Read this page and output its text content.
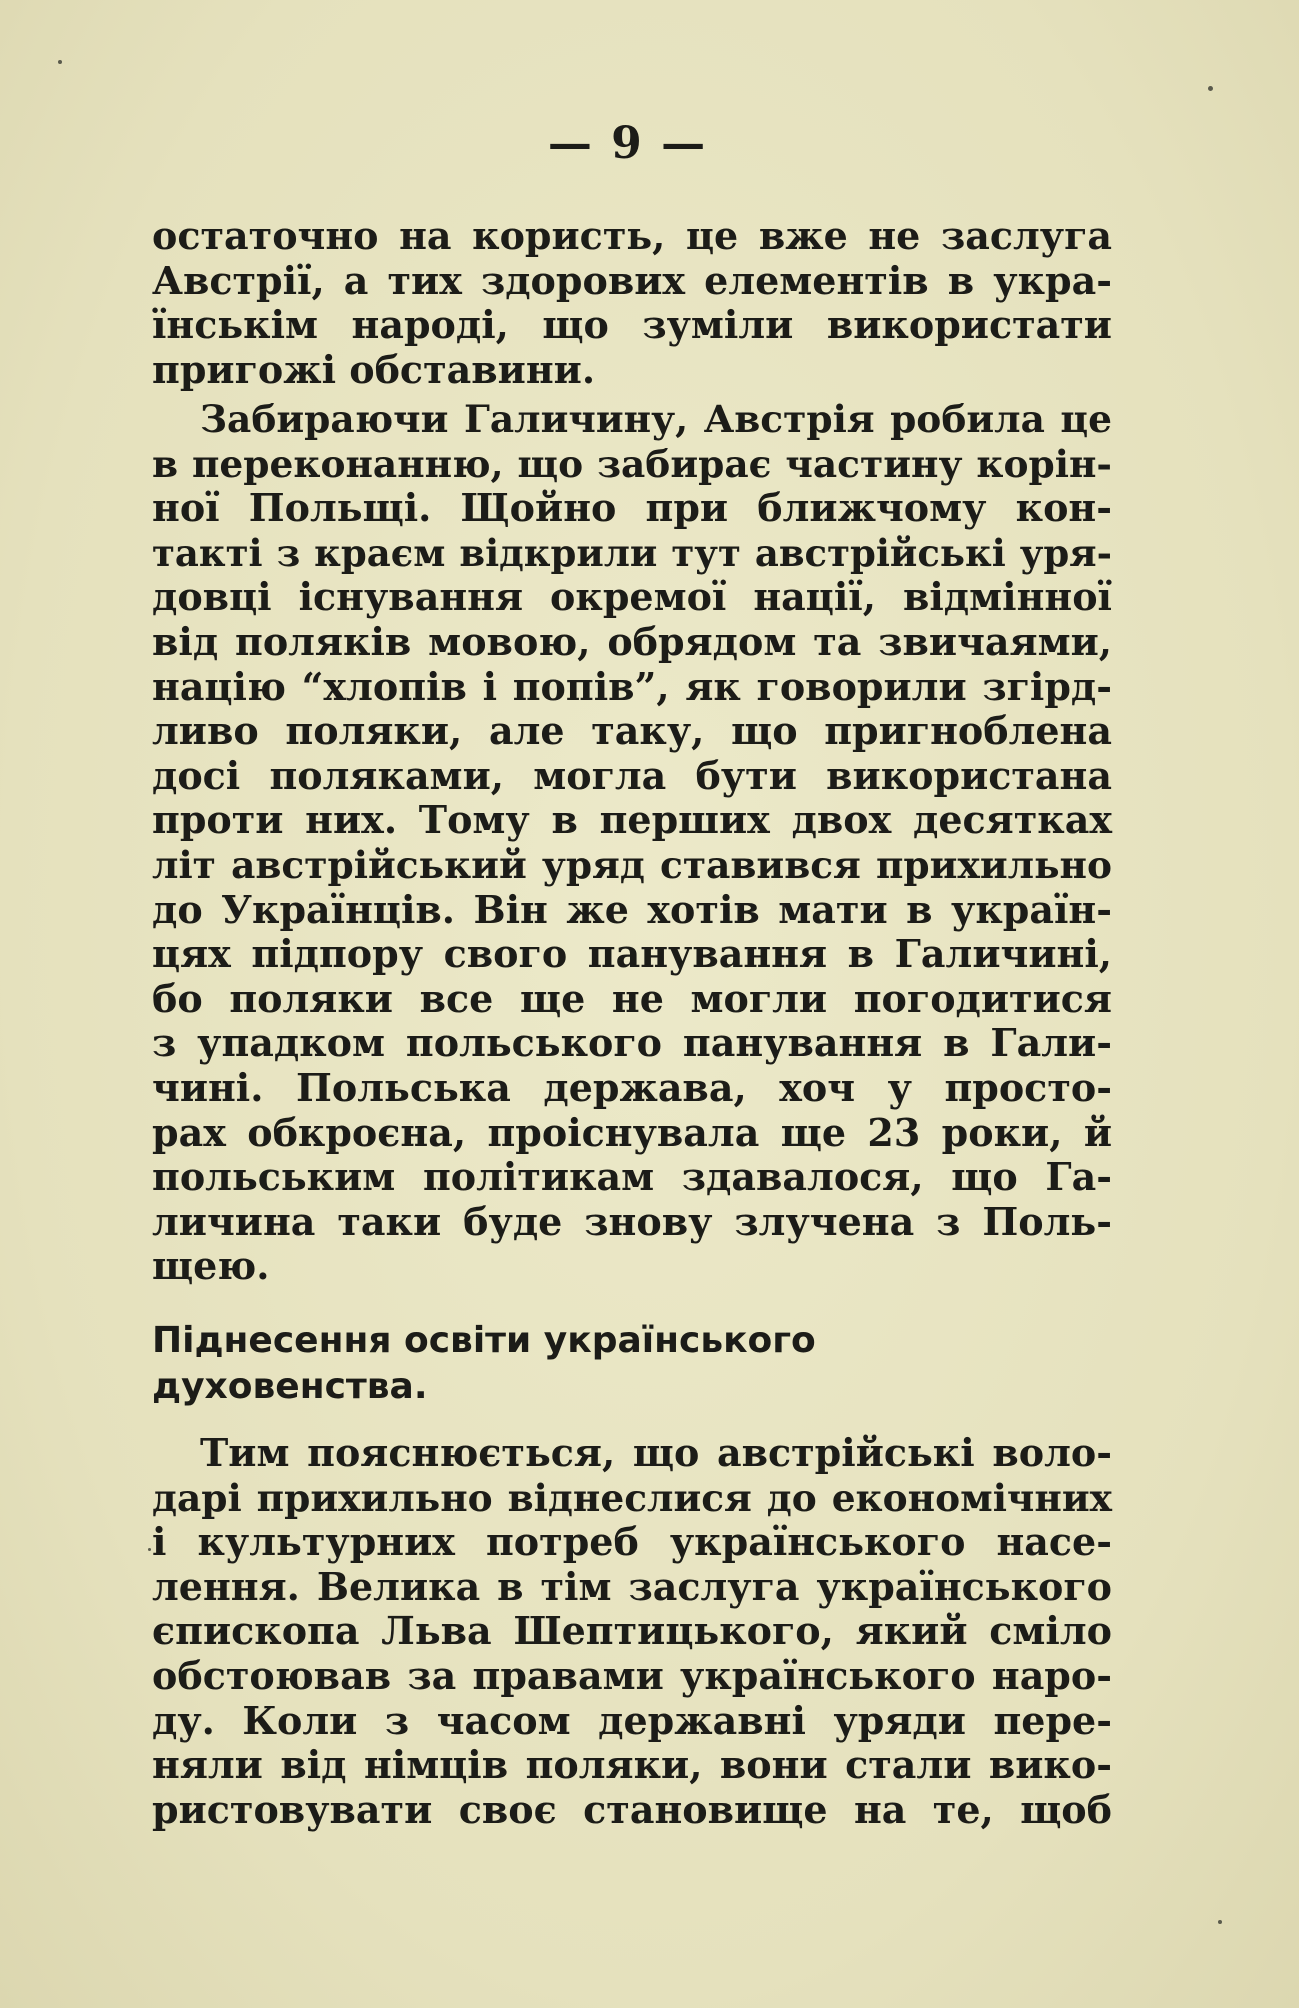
— 9 —
остаточно на користь, це вже не заслуга
Австрії, а тих здорових елементів в укра-
їнськім народі, що зуміли використати
пригожі обставини.
Забираючи Галичину, Австрія робила це
в переконанню, що забирає частину корін-
ної Польщі. Щойно при ближчому кон-
такті з краєм відкрили тут австрійські уря-
довці існування окремої нації, відмінної
від поляків мовою, обрядом та звичаями,
націю “хлопів і попів”, як говорили згірд-
ливо поляки, але таку, що пригноблена
досі поляками, могла бути використана
проти них. Тому в перших двох десятках
літ австрійський уряд ставився прихильно
до Українців. Він же хотів мати в україн-
цях підпору свого панування в Галичині,
бо поляки все ще не могли погодитися
з упадком польського панування в Гали-
чині. Польська держава, хоч у просто-
рах обкроєна, проіснувала ще 23 роки, й
польським політикам здавалося, що Га-
личина таки буде знову злучена з Поль-
щею.
Піднесення освіти українського
духовенства.
Тим пояснюється, що австрійські воло-
дарі прихильно віднеслися до економічних
і культурних потреб українського насе-
лення. Велика в тім заслуга українського
єпископа Льва Шептицького, який сміло
обстоював за правами українського наро-
ду. Коли з часом державні уряди пере-
няли від німців поляки, вони стали вико-
ристовувати своє становище на те, щоб
